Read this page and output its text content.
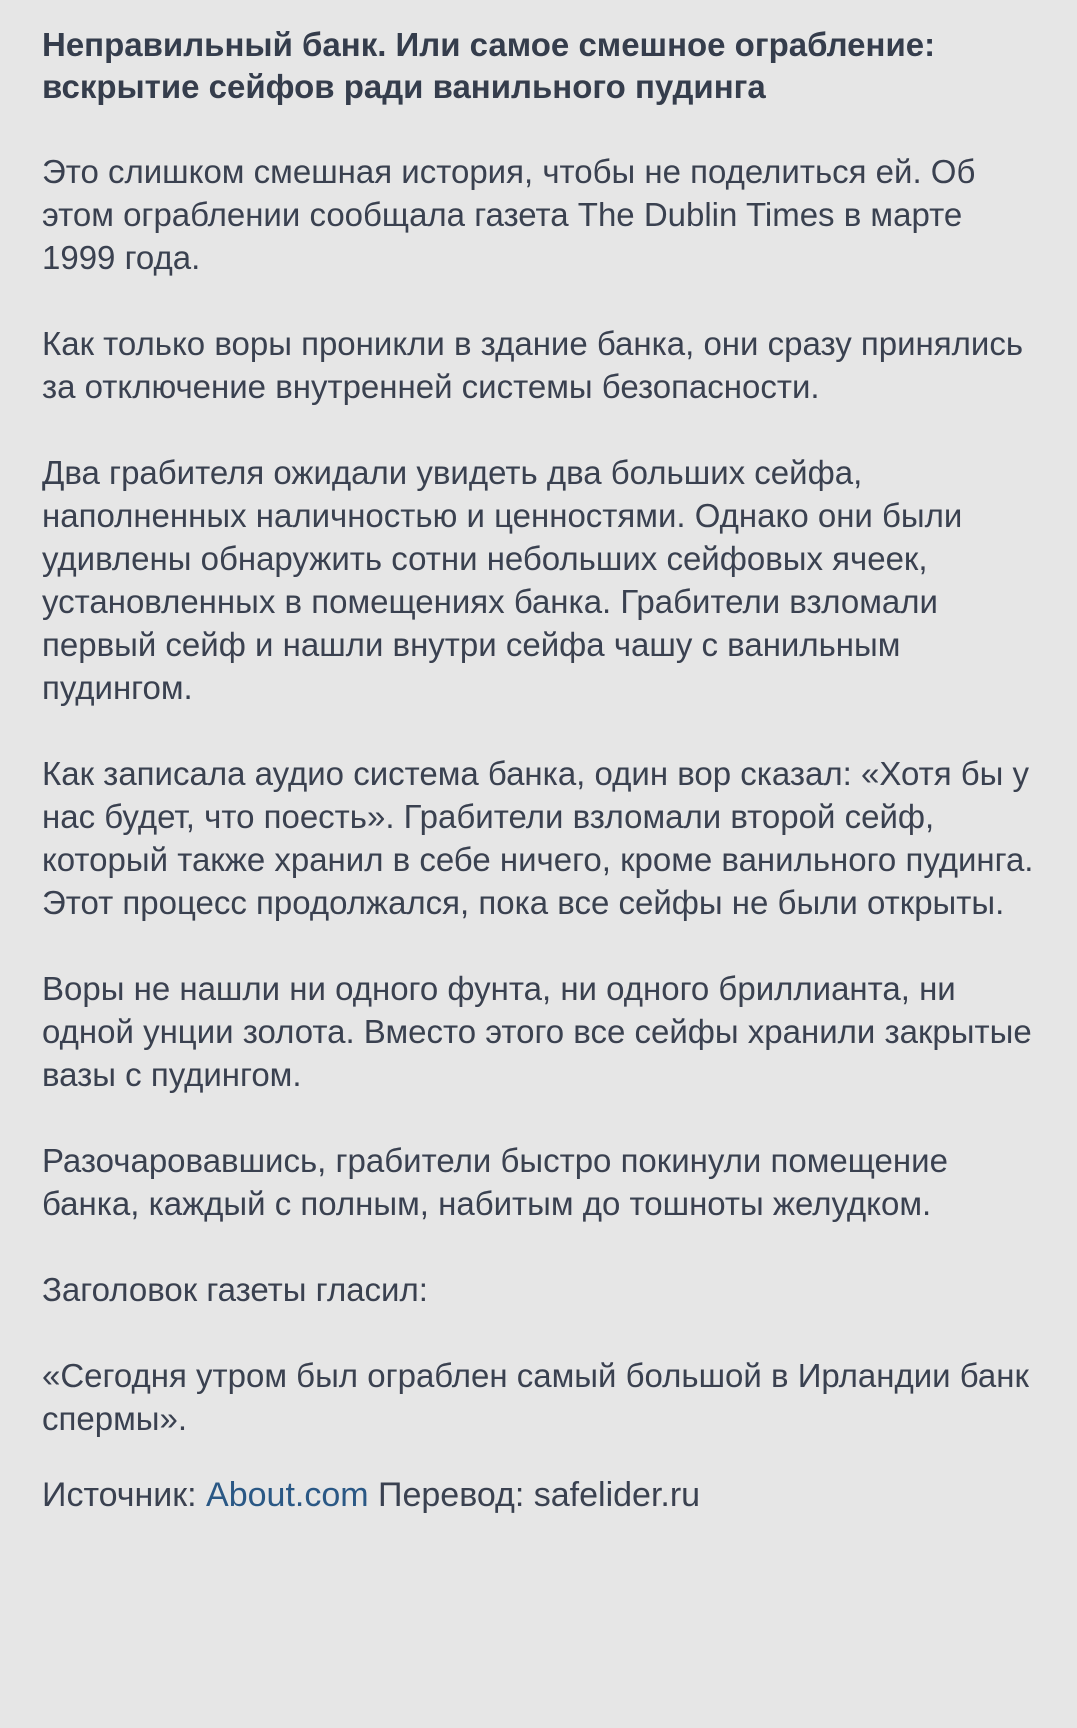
Неправильный банк. Или самое смешное ограбление: вскрытие сейфов ради ванильного пудинга

Это слишком смешная история, чтобы не поделиться ей. Об этом ограблении сообщала газета The Dublin Times в марте 1999 года.

Как только воры проникли в здание банка, они сразу принялись за отключение внутренней системы безопасности.

Два грабителя ожидали увидеть два больших сейфа, наполненных наличностью и ценностями. Однако они были удивлены обнаружить сотни небольших сейфовых ячеек, установленных в помещениях банка. Грабители взломали первый сейф и нашли внутри сейфа чашу с ванильным пудингом.

Как записала аудио система банка, один вор сказал: «Хотя бы у нас будет, что поесть». Грабители взломали второй сейф, который также хранил в себе ничего, кроме ванильного пудинга. Этот процесс продолжался, пока все сейфы не были открыты.

Воры не нашли ни одного фунта, ни одного бриллианта, ни одной унции золота. Вместо этого все сейфы хранили закрытые вазы с пудингом.

Разочаровавшись, грабители быстро покинули помещение банка, каждый с полным, набитым до тошноты желудком.

Заголовок газеты гласил:

«Сегодня утром был ограблен самый большой в Ирландии банк спермы».

Источник: About.com Перевод: safelider.ru
